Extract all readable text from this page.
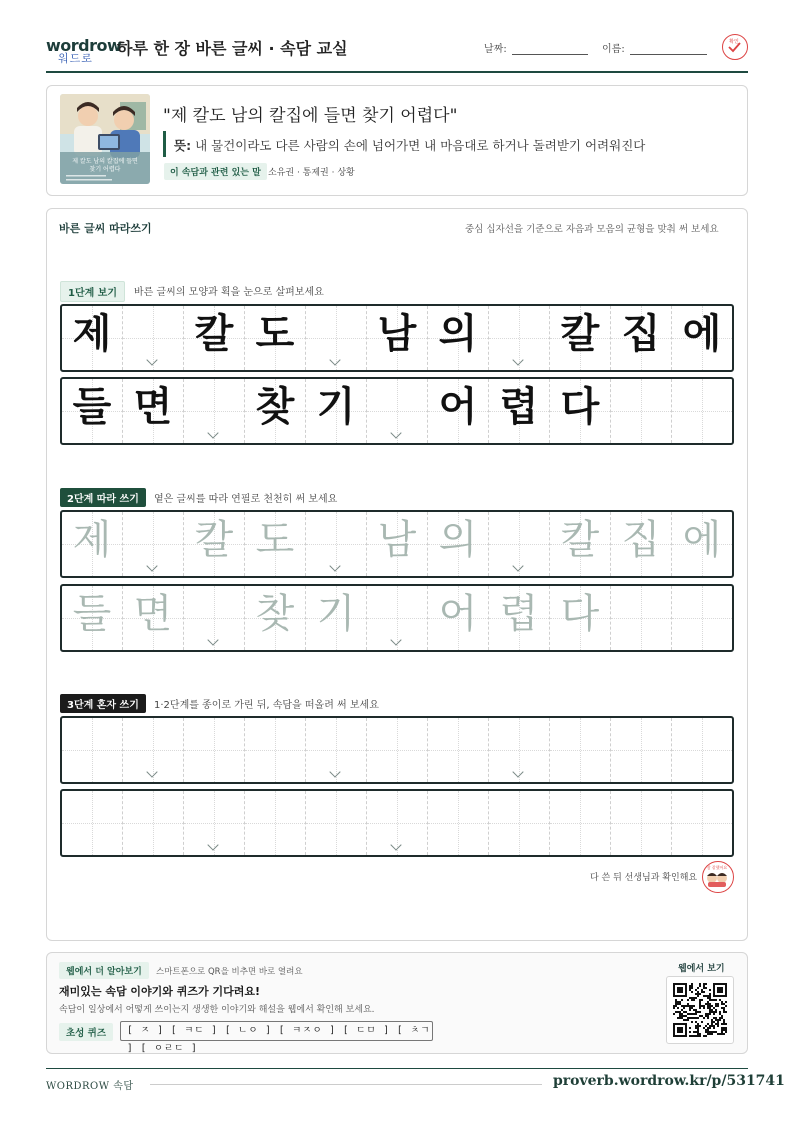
wordrow
워드로
하루 한 장 바른 글씨 · 속담 교실	날짜:	이름:
확인
제 칼도 남의 칼집에 들면
찾기 어렵다
"제 칼도 남의 칼집에 들면 찾기 어렵다"
뜻: 내 물건이라도 다른 사람의 손에 넘어가면 내 마음대로 하거나 돌려받기 어려워진다
이 속담과 관련 있는 말 소유권 · 통제권 · 상황
바른 글씨 따라쓰기	중심 십자선을 기준으로 자음과 모음의 균형을 맞춰 써 보세요
1단계 보기	바른 글씨의 모양과 획을 눈으로 살펴보세요
제 칼 도 남 의 칼 집 에
들 면 찾 기 어 렵 다
2단계 따라 쓰기	옅은 글씨를 따라 연필로 천천히 써 보세요
제 칼 도 남 의 칼 집 에
들 면 찾 기 어 렵 다
3단계 혼자 쓰기	1·2단계를 종이로 가린 뒤, 속담을 떠올려 써 보세요
다 쓴 뒤 선생님과 확인해요
참 잘했어요
웹에서 더 알아보기	스마트폰으로 QR을 비추면 바로 열려요
재미있는 속담 이야기와 퀴즈가 기다려요!
속담이 일상에서 어떻게 쓰이는지 생생한 이야기와 해설을 웹에서 확인해 보세요.
초성 퀴즈	[ ㅈ ] [ ㅋㄷ ] [ ㄴㅇ ] [ ㅋㅈㅇ ] [ ㄷㅁ ] [ ㅊㄱ ] [ ㅇㄹㄷ ]
웹에서 보기
WORDROW 속담	proverb.wordrow.kr/p/531741
